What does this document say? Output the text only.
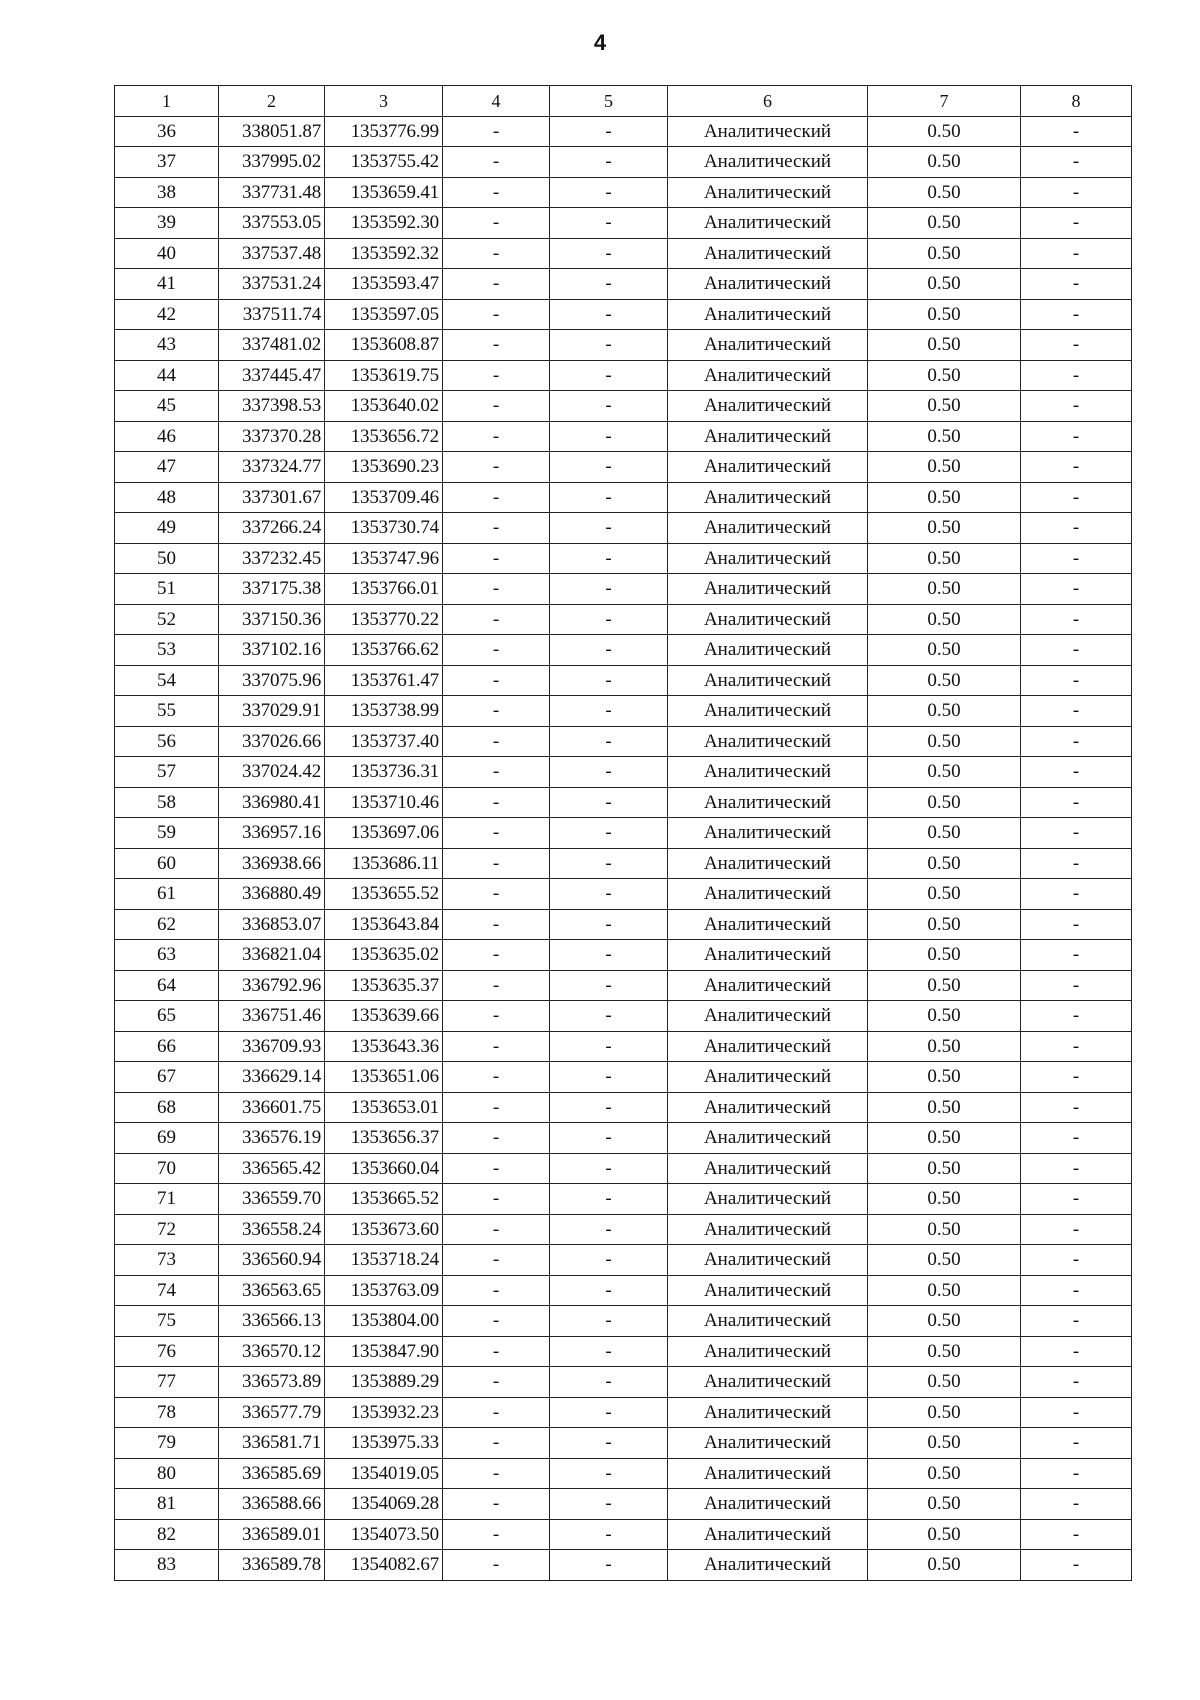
4
1	2	3	4	5	6	7	8
36	338051.87	1353776.99	-	-	Аналитический	0.50	-
37	337995.02	1353755.42	-	-	Аналитический	0.50	-
38	337731.48	1353659.41	-	-	Аналитический	0.50	-
39	337553.05	1353592.30	-	-	Аналитический	0.50	-
40	337537.48	1353592.32	-	-	Аналитический	0.50	-
41	337531.24	1353593.47	-	-	Аналитический	0.50	-
42	337511.74	1353597.05	-	-	Аналитический	0.50	-
43	337481.02	1353608.87	-	-	Аналитический	0.50	-
44	337445.47	1353619.75	-	-	Аналитический	0.50	-
45	337398.53	1353640.02	-	-	Аналитический	0.50	-
46	337370.28	1353656.72	-	-	Аналитический	0.50	-
47	337324.77	1353690.23	-	-	Аналитический	0.50	-
48	337301.67	1353709.46	-	-	Аналитический	0.50	-
49	337266.24	1353730.74	-	-	Аналитический	0.50	-
50	337232.45	1353747.96	-	-	Аналитический	0.50	-
51	337175.38	1353766.01	-	-	Аналитический	0.50	-
52	337150.36	1353770.22	-	-	Аналитический	0.50	-
53	337102.16	1353766.62	-	-	Аналитический	0.50	-
54	337075.96	1353761.47	-	-	Аналитический	0.50	-
55	337029.91	1353738.99	-	-	Аналитический	0.50	-
56	337026.66	1353737.40	-	-	Аналитический	0.50	-
57	337024.42	1353736.31	-	-	Аналитический	0.50	-
58	336980.41	1353710.46	-	-	Аналитический	0.50	-
59	336957.16	1353697.06	-	-	Аналитический	0.50	-
60	336938.66	1353686.11	-	-	Аналитический	0.50	-
61	336880.49	1353655.52	-	-	Аналитический	0.50	-
62	336853.07	1353643.84	-	-	Аналитический	0.50	-
63	336821.04	1353635.02	-	-	Аналитический	0.50	-
64	336792.96	1353635.37	-	-	Аналитический	0.50	-
65	336751.46	1353639.66	-	-	Аналитический	0.50	-
66	336709.93	1353643.36	-	-	Аналитический	0.50	-
67	336629.14	1353651.06	-	-	Аналитический	0.50	-
68	336601.75	1353653.01	-	-	Аналитический	0.50	-
69	336576.19	1353656.37	-	-	Аналитический	0.50	-
70	336565.42	1353660.04	-	-	Аналитический	0.50	-
71	336559.70	1353665.52	-	-	Аналитический	0.50	-
72	336558.24	1353673.60	-	-	Аналитический	0.50	-
73	336560.94	1353718.24	-	-	Аналитический	0.50	-
74	336563.65	1353763.09	-	-	Аналитический	0.50	-
75	336566.13	1353804.00	-	-	Аналитический	0.50	-
76	336570.12	1353847.90	-	-	Аналитический	0.50	-
77	336573.89	1353889.29	-	-	Аналитический	0.50	-
78	336577.79	1353932.23	-	-	Аналитический	0.50	-
79	336581.71	1353975.33	-	-	Аналитический	0.50	-
80	336585.69	1354019.05	-	-	Аналитический	0.50	-
81	336588.66	1354069.28	-	-	Аналитический	0.50	-
82	336589.01	1354073.50	-	-	Аналитический	0.50	-
83	336589.78	1354082.67	-	-	Аналитический	0.50	-
